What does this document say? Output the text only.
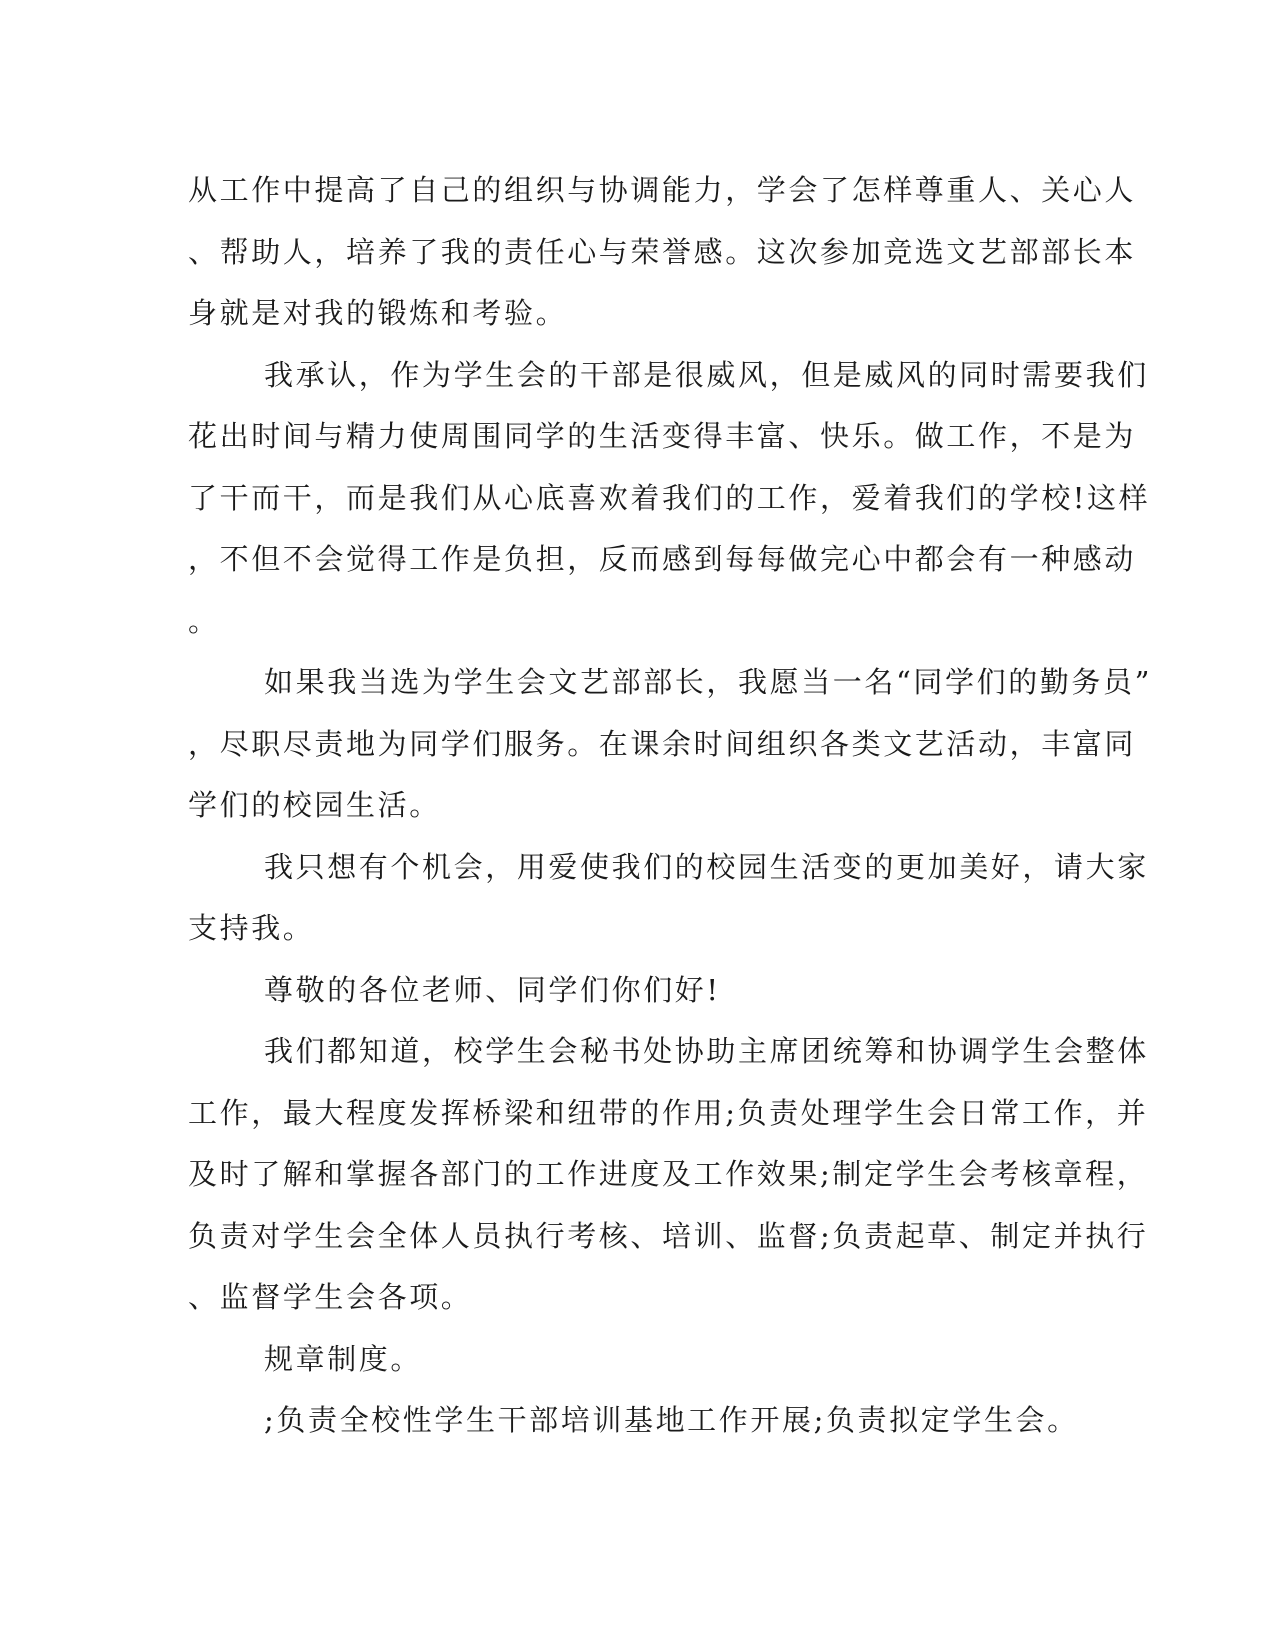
从工作中提高了自己的组织与协调能力，学会了怎样尊重人、关心人
、帮助人，培养了我的责任心与荣誉感。这次参加竞选文艺部部长本
身就是对我的锻炼和考验。
我承认，作为学生会的干部是很威风，但是威风的同时需要我们
花出时间与精力使周围同学的生活变得丰富、快乐。做工作，不是为
了干而干，而是我们从心底喜欢着我们的工作，爱着我们的学校!这样
，不但不会觉得工作是负担，反而感到每每做完心中都会有一种感动
。
如果我当选为学生会文艺部部长，我愿当一名“同学们的勤务员”
，尽职尽责地为同学们服务。在课余时间组织各类文艺活动，丰富同
学们的校园生活。
我只想有个机会，用爱使我们的校园生活变的更加美好，请大家
支持我。
尊敬的各位老师、同学们你们好!
我们都知道，校学生会秘书处协助主席团统筹和协调学生会整体
工作，最大程度发挥桥梁和纽带的作用;负责处理学生会日常工作，并
及时了解和掌握各部门的工作进度及工作效果;制定学生会考核章程，
负责对学生会全体人员执行考核、培训、监督;负责起草、制定并执行
、监督学生会各项。
规章制度。
;负责全校性学生干部培训基地工作开展;负责拟定学生会。
